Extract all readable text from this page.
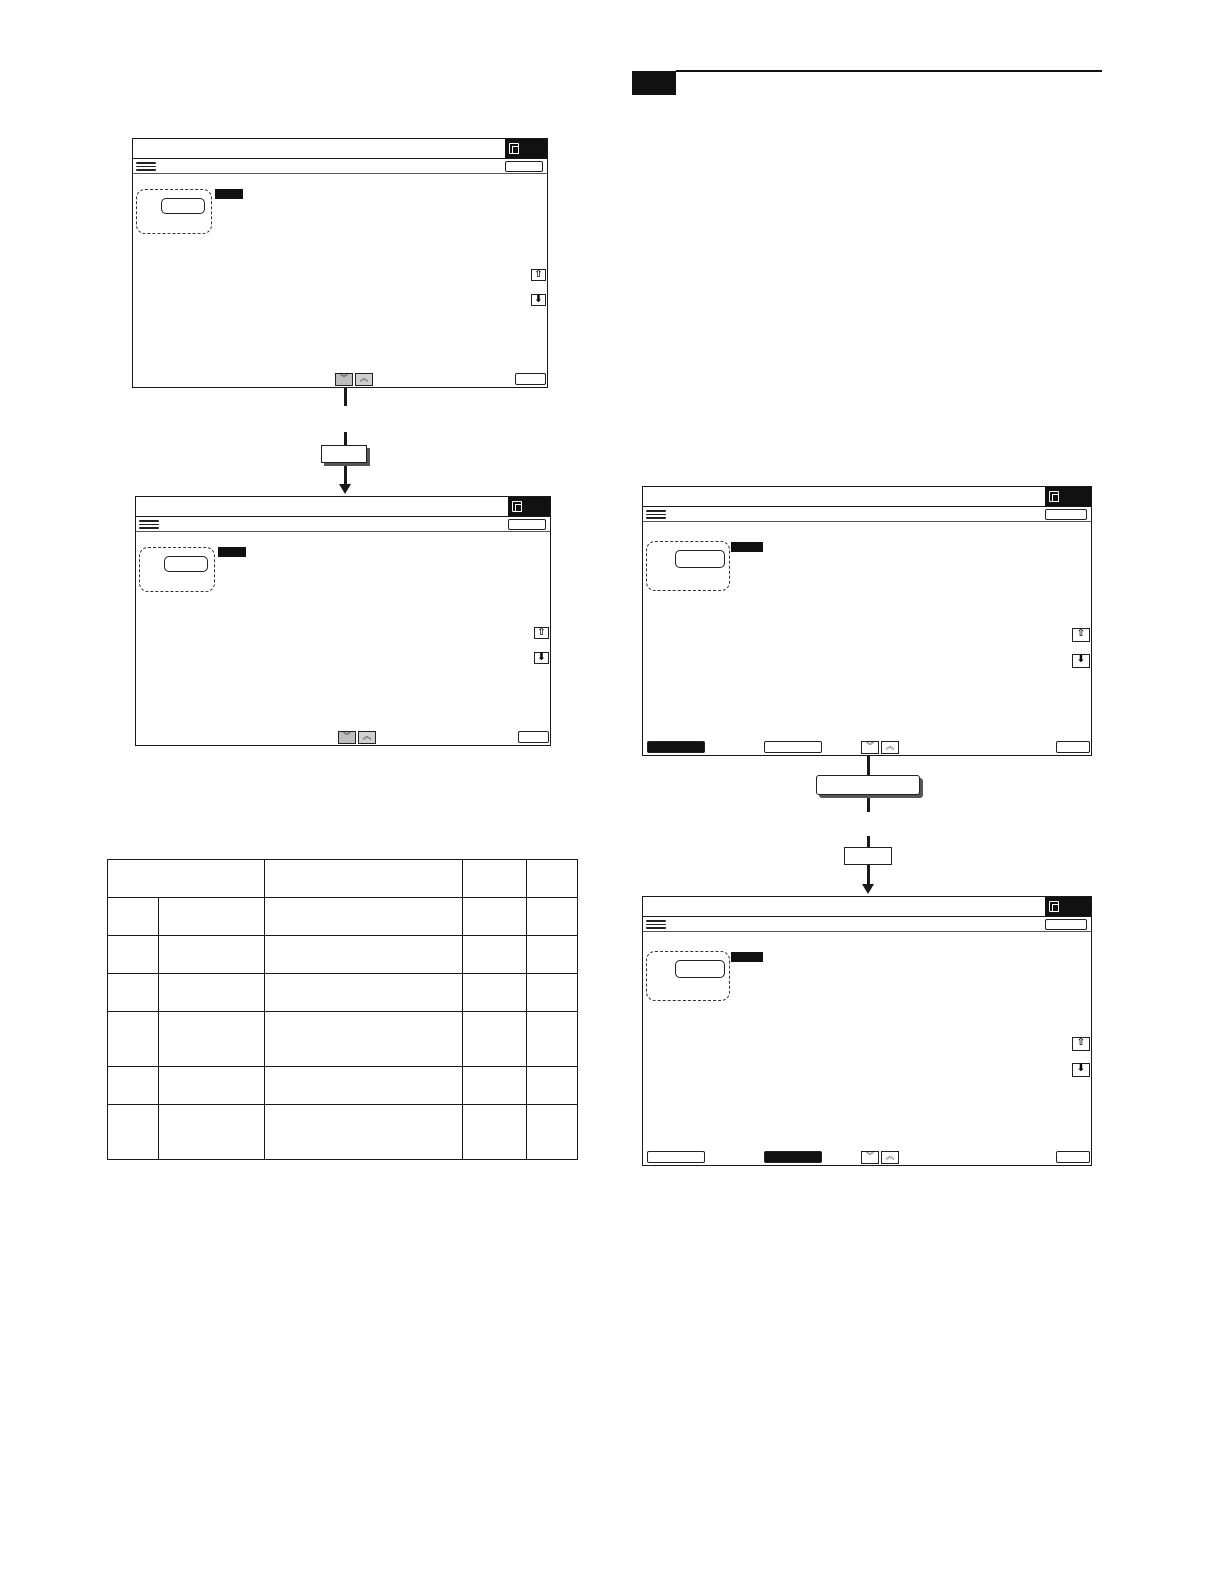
⇧
⬇
︾	︽
⇧
⬇
︾	︽

⇧
⬇
︾	︽
⇧
⬇
︾	︽
